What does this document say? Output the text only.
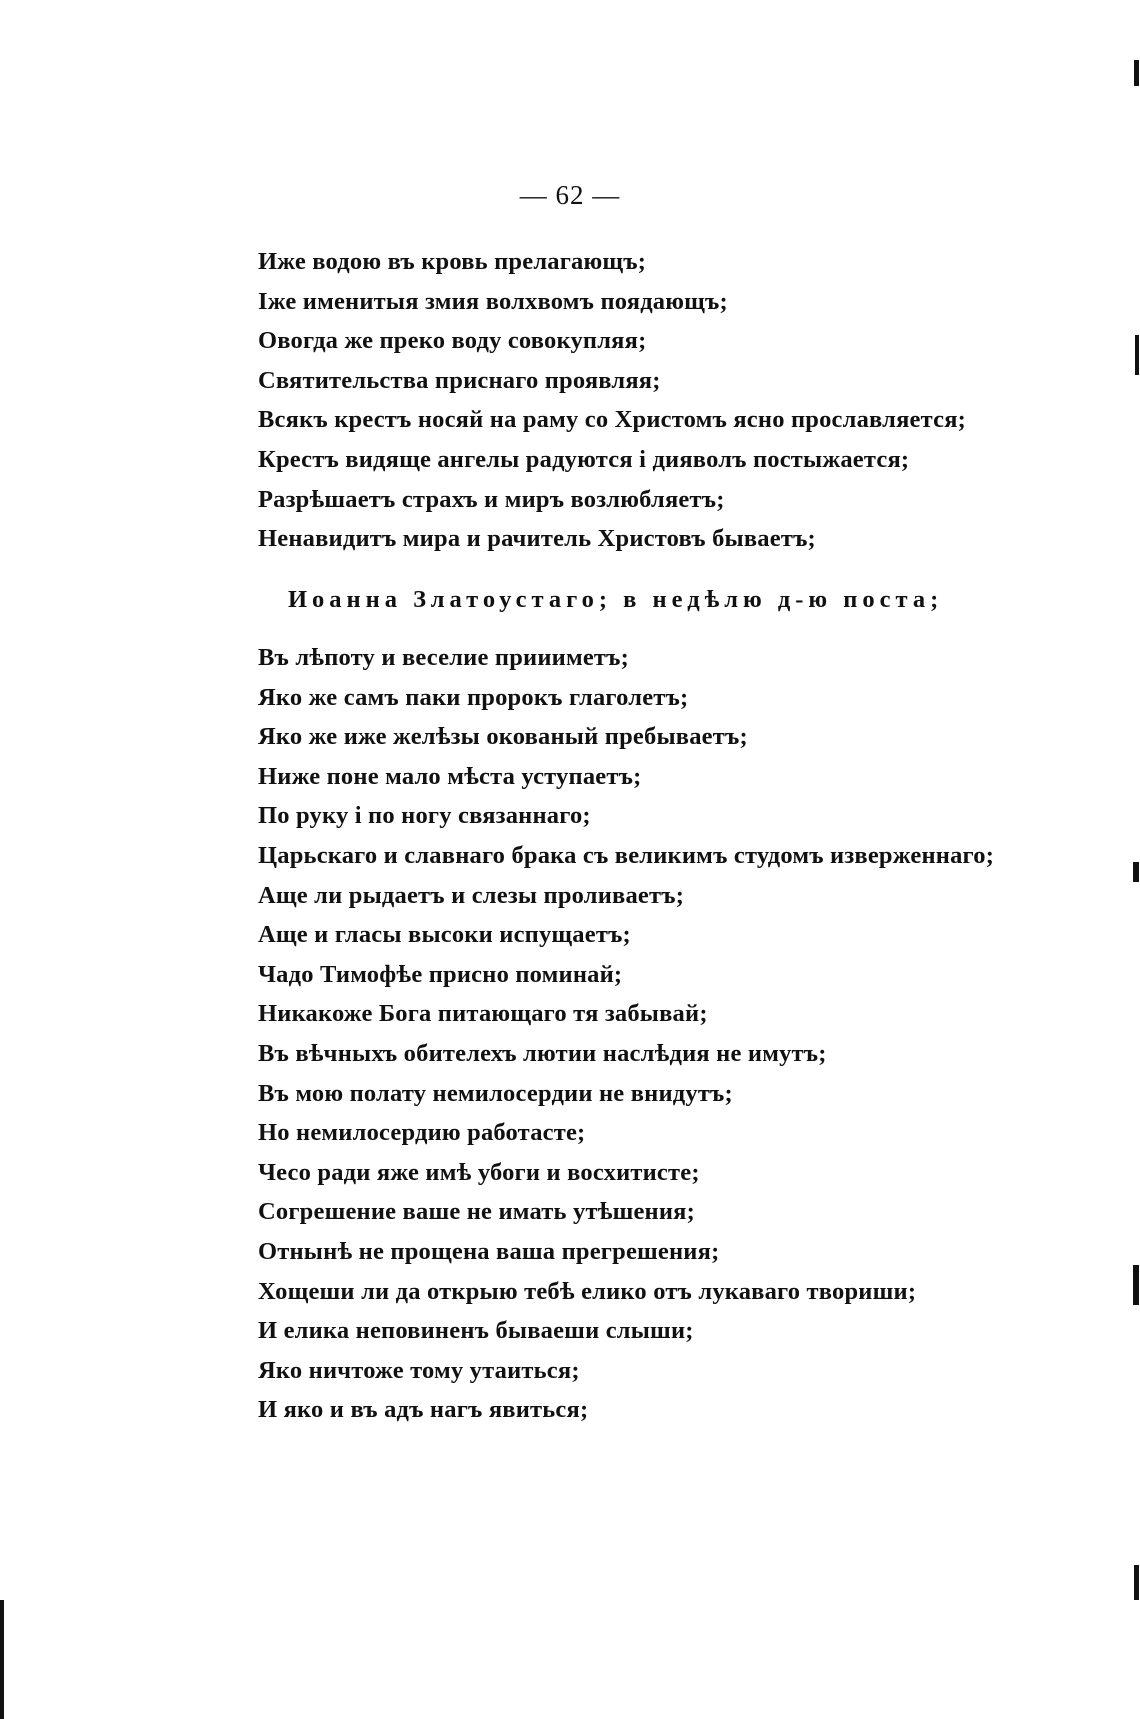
— 62 —
Иже водою въ кровь прелагающъ;
Іже именитыя змия волхвомъ поядающъ;
Овогда же преко воду совокупляя;
Святительства приснаго проявляя;
Всякъ крестъ носяй на раму со Христомъ ясно прославляется;
Крестъ видяще ангелы радуются і дияволъ постыжается;
Разрѣшаетъ страхъ и миръ возлюбляетъ;
Ненавидитъ мира и рачитель Христовъ бываетъ;
Иоанна Златоустаго; в недѣлю д-ю поста;
Въ лѣпоту и веселие приииметъ;
Яко же самъ паки пророкъ глаголетъ;
Яко же иже желѣзы окованый пребываетъ;
Ниже поне мало мѣста уступаетъ;
По руку і по ногу связаннаго;
Царьскаго и славнаго брака съ великимъ студомъ изверженнаго;
Аще ли рыдаетъ и слезы проливаетъ;
Аще и гласы высоки испущаетъ;
Чадо Тимофѣе присно поминай;
Никакоже Бога питающаго тя забывай;
Въ вѣчныхъ обителехъ лютии наслѣдия не имутъ;
Въ мою полату немилосердии не внидутъ;
Но немилосердию работасте;
Чесо ради яже имѣ убоги и восхитисте;
Согрешение ваше не имать утѣшения;
Отнынѣ не прощена ваша прегрешения;
Хощеши ли да открыю тебѣ елико отъ лукаваго твориши;
И елика неповиненъ бываеши слыши;
Яко ничтоже тому утаиться;
И яко и въ адъ нагъ явиться;
